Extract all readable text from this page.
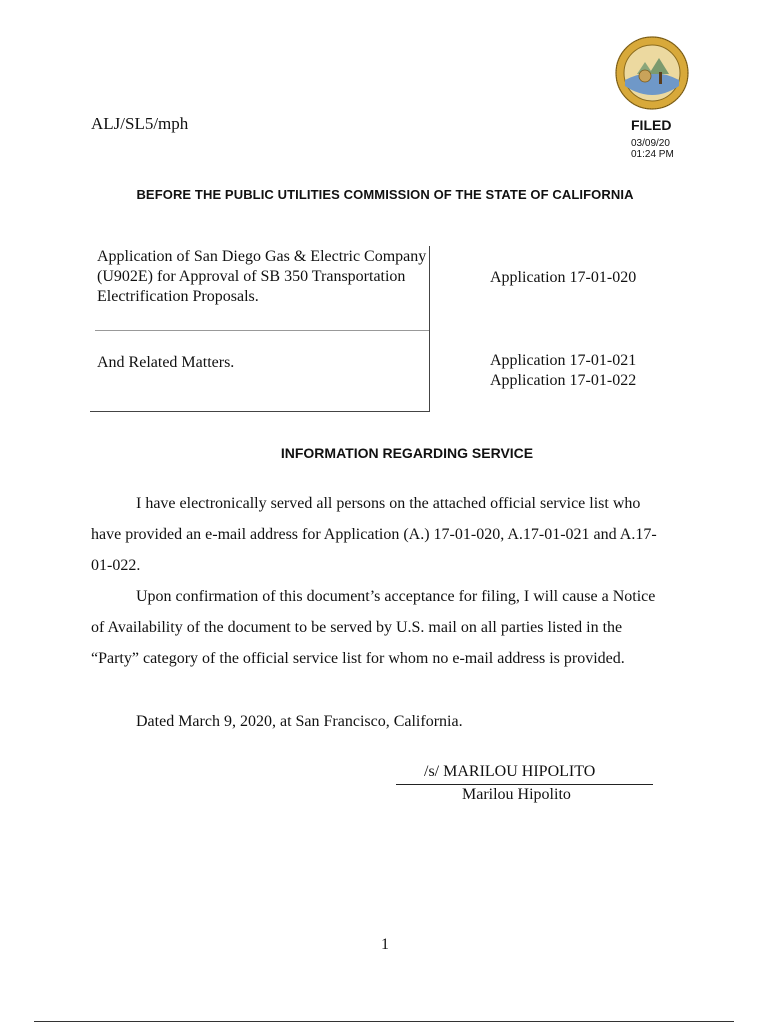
ALJ/SL5/mph	FILED
03/09/20
01:24 PM
BEFORE THE PUBLIC UTILITIES COMMISSION OF THE STATE OF CALIFORNIA
Application of San Diego Gas & Electric Company (U902E) for Approval of SB 350 Transportation Electrification Proposals.
Application 17-01-020
And Related Matters.	Application 17-01-021
Application 17-01-022
INFORMATION REGARDING SERVICE
I have electronically served all persons on the attached official service list who have provided an e-mail address for Application (A.) 17-01-020, A.17-01-021 and A.17-01-022.
Upon confirmation of this document’s acceptance for filing, I will cause a Notice of Availability of the document to be served by U.S. mail on all parties listed in the “Party” category of the official service list for whom no e-mail address is provided.
Dated March 9, 2020, at San Francisco, California.
/s/ MARILOU HIPOLITO
Marilou Hipolito
1
